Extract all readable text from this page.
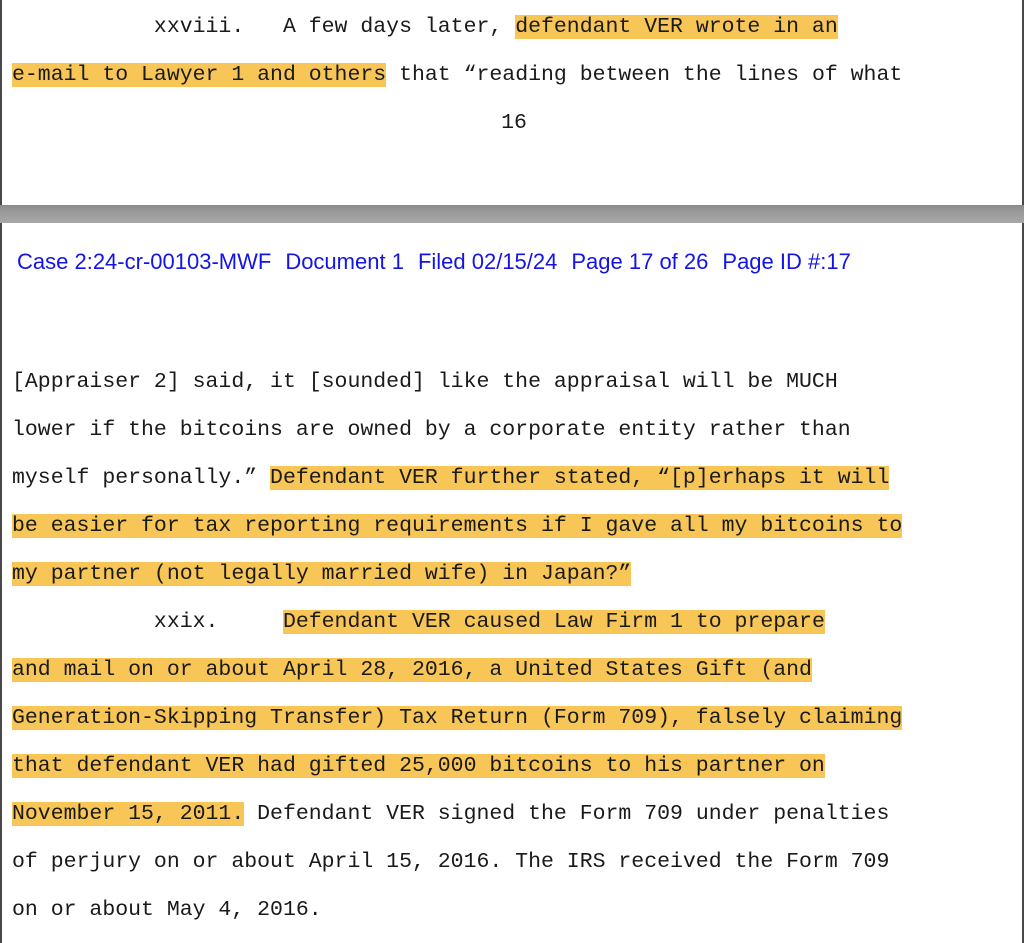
xxviii.   A few days later, defendant VER wrote in an
e-mail to Lawyer 1 and others that “reading between the lines of what
16
Case 2:24-cr-00103-MWF Document 1 Filed 02/15/24 Page 17 of 26 Page ID #:17
[Appraiser 2] said, it [sounded] like the appraisal will be MUCH
lower if the bitcoins are owned by a corporate entity rather than
myself personally.” Defendant VER further stated, “[p]erhaps it will
be easier for tax reporting requirements if I gave all my bitcoins to
my partner (not legally married wife) in Japan?”
xxix.     Defendant VER caused Law Firm 1 to prepare
and mail on or about April 28, 2016, a United States Gift (and
Generation-Skipping Transfer) Tax Return (Form 709), falsely claiming
that defendant VER had gifted 25,000 bitcoins to his partner on
November 15, 2011. Defendant VER signed the Form 709 under penalties
of perjury on or about April 15, 2016. The IRS received the Form 709
on or about May 4, 2016.
